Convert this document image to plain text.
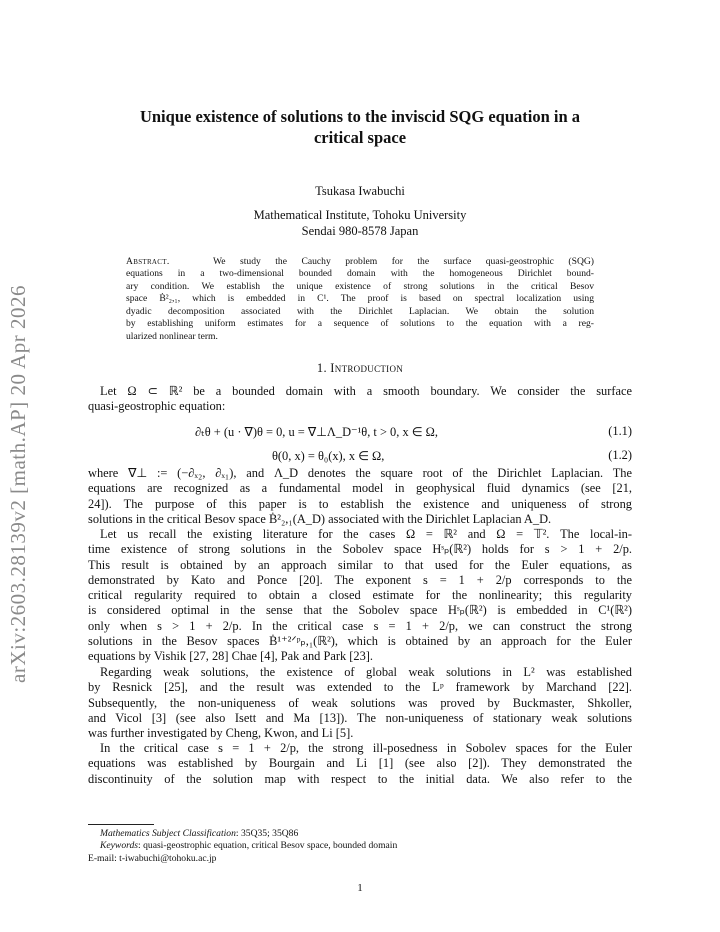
arXiv:2603.28139v2 [math.AP] 20 Apr 2026
Unique existence of solutions to the inviscid SQG equation in a
critical space
Tsukasa Iwabuchi
Mathematical Institute, Tohoku University
Sendai 980-8578 Japan
Abstract.	We study the Cauchy problem for the surface quasi-geostrophic (SQG)
equations in a two-dimensional bounded domain with the homogeneous Dirichlet bound-
ary condition. We establish the unique existence of strong solutions in the critical Besov
space Ḃ²₂,₁, which is embedded in C¹. The proof is based on spectral localization using
dyadic decomposition associated with the Dirichlet Laplacian. We obtain the solution
by establishing uniform estimates for a sequence of solutions to the equation with a reg-
ularized nonlinear term.
1. Introduction
Let Ω ⊂ ℝ² be a bounded domain with a smooth boundary. We consider the surface
quasi-geostrophic equation:
∂ₜθ + (u · ∇)θ = 0, u = ∇⊥Λ_D⁻¹θ, t > 0, x ∈ Ω,	(1.1)
θ(0, x) = θ₀(x), x ∈ Ω,	(1.2)
where ∇⊥ := (−∂ₓ₂, ∂ₓ₁), and Λ_D denotes the square root of the Dirichlet Laplacian. The
equations are recognized as a fundamental model in geophysical fluid dynamics (see [21,
24]). The purpose of this paper is to establish the existence and uniqueness of strong
solutions in the critical Besov space Ḃ²₂,₁(A_D) associated with the Dirichlet Laplacian A_D.
Let us recall the existing literature for the cases Ω = ℝ² and Ω = 𝕋². The local-in-
time existence of strong solutions in the Sobolev space Hˢₚ(ℝ²) holds for s > 1 + 2/p.
This result is obtained by an approach similar to that used for the Euler equations, as
demonstrated by Kato and Ponce [20]. The exponent s = 1 + 2/p corresponds to the
critical regularity required to obtain a closed estimate for the nonlinearity; this regularity
is considered optimal in the sense that the Sobolev space Hˢₚ(ℝ²) is embedded in C¹(ℝ²)
only when s > 1 + 2/p. In the critical case s = 1 + 2/p, we can construct the strong
solutions in the Besov spaces Ḃ¹⁺²ᐟᵖₚ,₁(ℝ²), which is obtained by an approach for the Euler
equations by Vishik [27, 28] Chae [4], Pak and Park [23].
Regarding weak solutions, the existence of global weak solutions in L² was established
by Resnick [25], and the result was extended to the Lᵖ framework by Marchand [22].
Subsequently, the non-uniqueness of weak solutions was proved by Buckmaster, Shkoller,
and Vicol [3] (see also Isett and Ma [13]). The non-uniqueness of stationary weak solutions
was further investigated by Cheng, Kwon, and Li [5].
In the critical case s = 1 + 2/p, the strong ill-posedness in Sobolev spaces for the Euler
equations was established by Bourgain and Li [1] (see also [2]). They demonstrated the
discontinuity of the solution map with respect to the initial data. We also refer to the
Mathematics Subject Classification: 35Q35; 35Q86
Keywords: quasi-geostrophic equation, critical Besov space, bounded domain
E-mail: t-iwabuchi@tohoku.ac.jp
1
